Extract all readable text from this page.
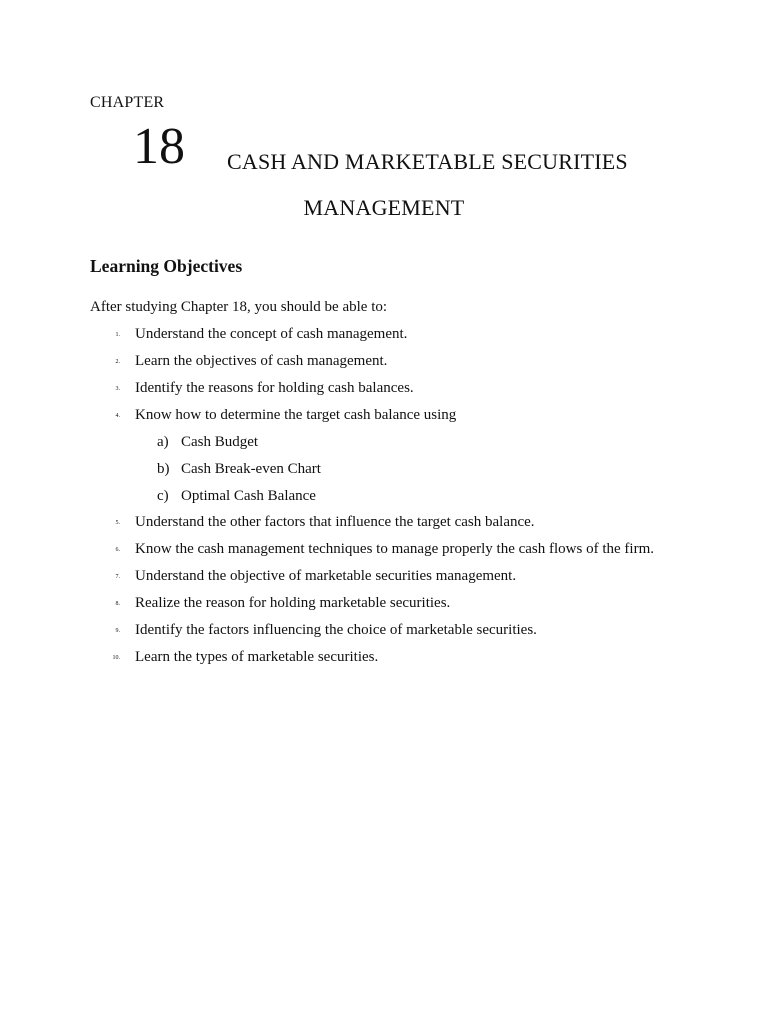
CHAPTER
18 CASH AND MARKETABLE SECURITIES
MANAGEMENT
Learning Objectives
After studying Chapter 18, you should be able to:
1. Understand the concept of cash management.
2. Learn the objectives of cash management.
3. Identify the reasons for holding cash balances.
4. Know how to determine the target cash balance using
a) Cash Budget
b) Cash Break-even Chart
c) Optimal Cash Balance
5. Understand the other factors that influence the target cash balance.
6. Know the cash management techniques to manage properly the cash flows of the firm.
7. Understand the objective of marketable securities management.
8. Realize the reason for holding marketable securities.
9. Identify the factors influencing the choice of marketable securities.
10. Learn the types of marketable securities.
